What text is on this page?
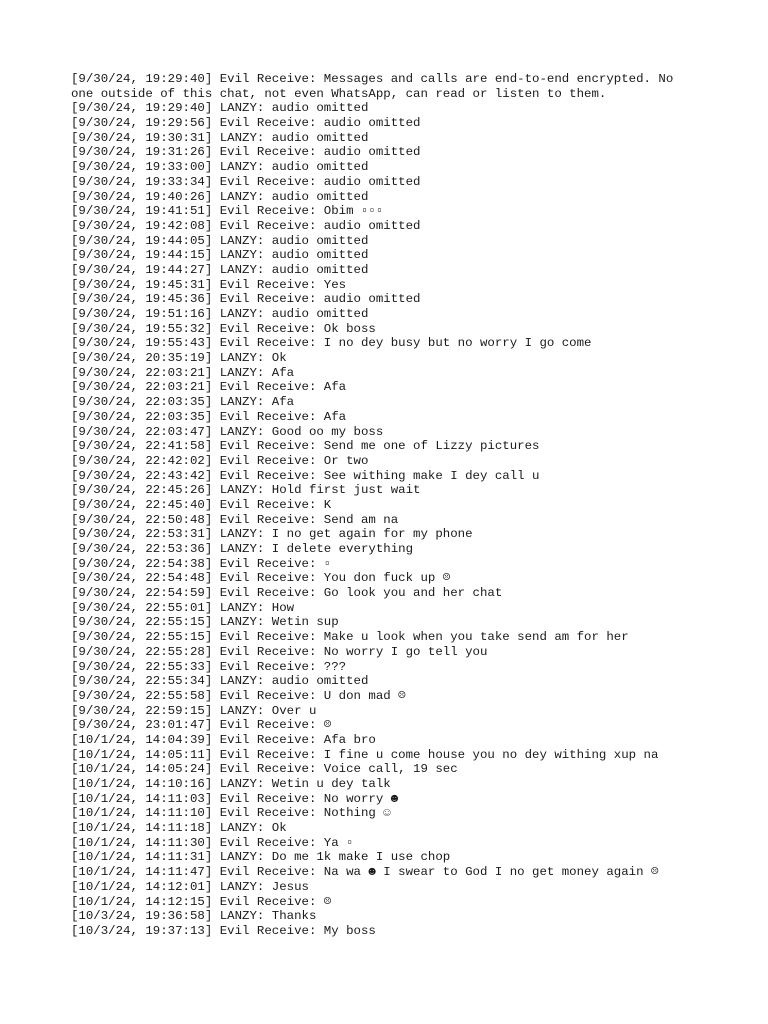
[9/30/24, 19:29:40] Evil Receive: Messages and calls are end-to-end encrypted. No
one outside of this chat, not even WhatsApp, can read or listen to them.
[9/30/24, 19:29:40] LANZY: audio omitted
[9/30/24, 19:29:56] Evil Receive: audio omitted
[9/30/24, 19:30:31] LANZY: audio omitted
[9/30/24, 19:31:26] Evil Receive: audio omitted
[9/30/24, 19:33:00] LANZY: audio omitted
[9/30/24, 19:33:34] Evil Receive: audio omitted
[9/30/24, 19:40:26] LANZY: audio omitted
[9/30/24, 19:41:51] Evil Receive: Obim ▫▫▫
[9/30/24, 19:42:08] Evil Receive: audio omitted
[9/30/24, 19:44:05] LANZY: audio omitted
[9/30/24, 19:44:15] LANZY: audio omitted
[9/30/24, 19:44:27] LANZY: audio omitted
[9/30/24, 19:45:31] Evil Receive: Yes
[9/30/24, 19:45:36] Evil Receive: audio omitted
[9/30/24, 19:51:16] LANZY: audio omitted
[9/30/24, 19:55:32] Evil Receive: Ok boss
[9/30/24, 19:55:43] Evil Receive: I no dey busy but no worry I go come
[9/30/24, 20:35:19] LANZY: Ok
[9/30/24, 22:03:21] LANZY: Afa
[9/30/24, 22:03:21] Evil Receive: Afa
[9/30/24, 22:03:35] LANZY: Afa
[9/30/24, 22:03:35] Evil Receive: Afa
[9/30/24, 22:03:47] LANZY: Good oo my boss
[9/30/24, 22:41:58] Evil Receive: Send me one of Lizzy pictures
[9/30/24, 22:42:02] Evil Receive: Or two
[9/30/24, 22:43:42] Evil Receive: See withing make I dey call u
[9/30/24, 22:45:26] LANZY: Hold first just wait
[9/30/24, 22:45:40] Evil Receive: K
[9/30/24, 22:50:48] Evil Receive: Send am na
[9/30/24, 22:53:31] LANZY: I no get again for my phone
[9/30/24, 22:53:36] LANZY: I delete everything
[9/30/24, 22:54:38] Evil Receive: ▫
[9/30/24, 22:54:48] Evil Receive: You don fuck up ☹
[9/30/24, 22:54:59] Evil Receive: Go look you and her chat
[9/30/24, 22:55:01] LANZY: How
[9/30/24, 22:55:15] LANZY: Wetin sup
[9/30/24, 22:55:15] Evil Receive: Make u look when you take send am for her
[9/30/24, 22:55:28] Evil Receive: No worry I go tell you
[9/30/24, 22:55:33] Evil Receive: ???
[9/30/24, 22:55:34] LANZY: audio omitted
[9/30/24, 22:55:58] Evil Receive: U don mad ☹
[9/30/24, 22:59:15] LANZY: Over u
[9/30/24, 23:01:47] Evil Receive: ☹
[10/1/24, 14:04:39] Evil Receive: Afa bro
[10/1/24, 14:05:11] Evil Receive: I fine u come house you no dey withing xup na
[10/1/24, 14:05:24] Evil Receive: Voice call, 19 sec
[10/1/24, 14:10:16] LANZY: Wetin u dey talk
[10/1/24, 14:11:03] Evil Receive: No worry ☻
[10/1/24, 14:11:10] Evil Receive: Nothing ☺
[10/1/24, 14:11:18] LANZY: Ok
[10/1/24, 14:11:30] Evil Receive: Ya ▫
[10/1/24, 14:11:31] LANZY: Do me 1k make I use chop
[10/1/24, 14:11:47] Evil Receive: Na wa ☻ I swear to God I no get money again ☹
[10/1/24, 14:12:01] LANZY: Jesus
[10/1/24, 14:12:15] Evil Receive: ☹
[10/3/24, 19:36:58] LANZY: Thanks
[10/3/24, 19:37:13] Evil Receive: My boss
